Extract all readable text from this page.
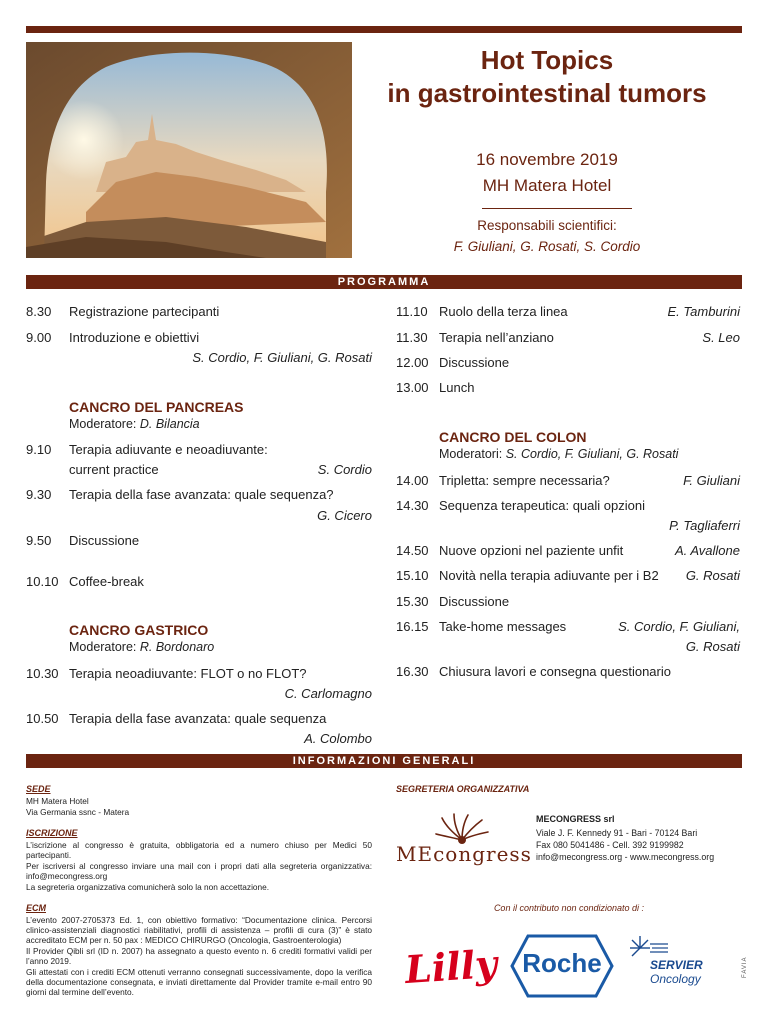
Hot Topics
in gastrointestinal tumors
16 novembre 2019
MH Matera Hotel
Responsabili scientifici:
F. Giuliani, G. Rosati, S. Cordio
PROGRAMMA
8.30 Registrazione partecipanti
9.00 Introduzione e obiettivi
S. Cordio, F. Giuliani, G. Rosati
CANCRO DEL PANCREAS
Moderatore: D. Bilancia
9.10 Terapia adiuvante e neoadiuvante:
current practice	S. Cordio
9.30 Terapia della fase avanzata: quale sequenza?
G. Cicero
9.50 Discussione
10.10 Coffee-break
CANCRO GASTRICO
Moderatore: R. Bordonaro
10.30 Terapia neoadiuvante: FLOT o no FLOT?
C. Carlomagno
10.50 Terapia della fase avanzata: quale sequenza
A. Colombo
11.10 Ruolo della terza linea	E. Tamburini
11.30 Terapia nell’anziano	S. Leo
12.00 Discussione
13.00 Lunch
CANCRO DEL COLON
Moderatori: S. Cordio, F. Giuliani, G. Rosati
14.00 Tripletta: sempre necessaria?	F. Giuliani
14.30 Sequenza terapeutica: quali opzioni
P. Tagliaferri
14.50 Nuove opzioni nel paziente unfit	A. Avallone
15.10 Novità nella terapia adiuvante per i B2 G. Rosati
15.30 Discussione
16.15 Take-home messages	S. Cordio, F. Giuliani,
G. Rosati
16.30 Chiusura lavori e consegna questionario
INFORMAZIONI GENERALI
SEDE
MH Matera Hotel
Via Germania ssnc - Matera
ISCRIZIONE
L’iscrizione al congresso è gratuita, obbligatoria ed a numero chiuso per Medici 50 partecipanti.
Per iscriversi al congresso inviare una mail con i propri dati alla segreteria organizzativa: info@mecongress.org
La segreteria organizzativa comunicherà solo la non accettazione.
ECM
L’evento 2007-2705373 Ed. 1, con obiettivo formativo: “Documentazione clinica. Percorsi clinico-assistenziali diagnostici riabilitativi, profili di assistenza – profili di cura (3)” è stato accreditato ECM per n. 50 pax : MEDICO CHIRURGO (Oncologia, Gastroenterologia)
Il Provider Qibli srl (ID n. 2007) ha assegnato a questo evento n. 6 crediti formativi validi per l’anno 2019.
Gli attestati con i crediti ECM ottenuti verranno consegnati successivamente, dopo la verifica della documentazione consegnata, e inviati direttamente dal Provider tramite e-mail entro 90 giorni dal termine dell’evento.
SEGRETERIA ORGANIZZATIVA
MEcongress
MECONGRESS srl
Viale J. F. Kennedy 91 - Bari - 70124 Bari
Fax 080 5041486 - Cell. 392 9199982
info@mecongress.org - www.mecongress.org
Con il contributo non condizionato di :
Lilly Roche	SERVIER
Oncology
FAVIA
